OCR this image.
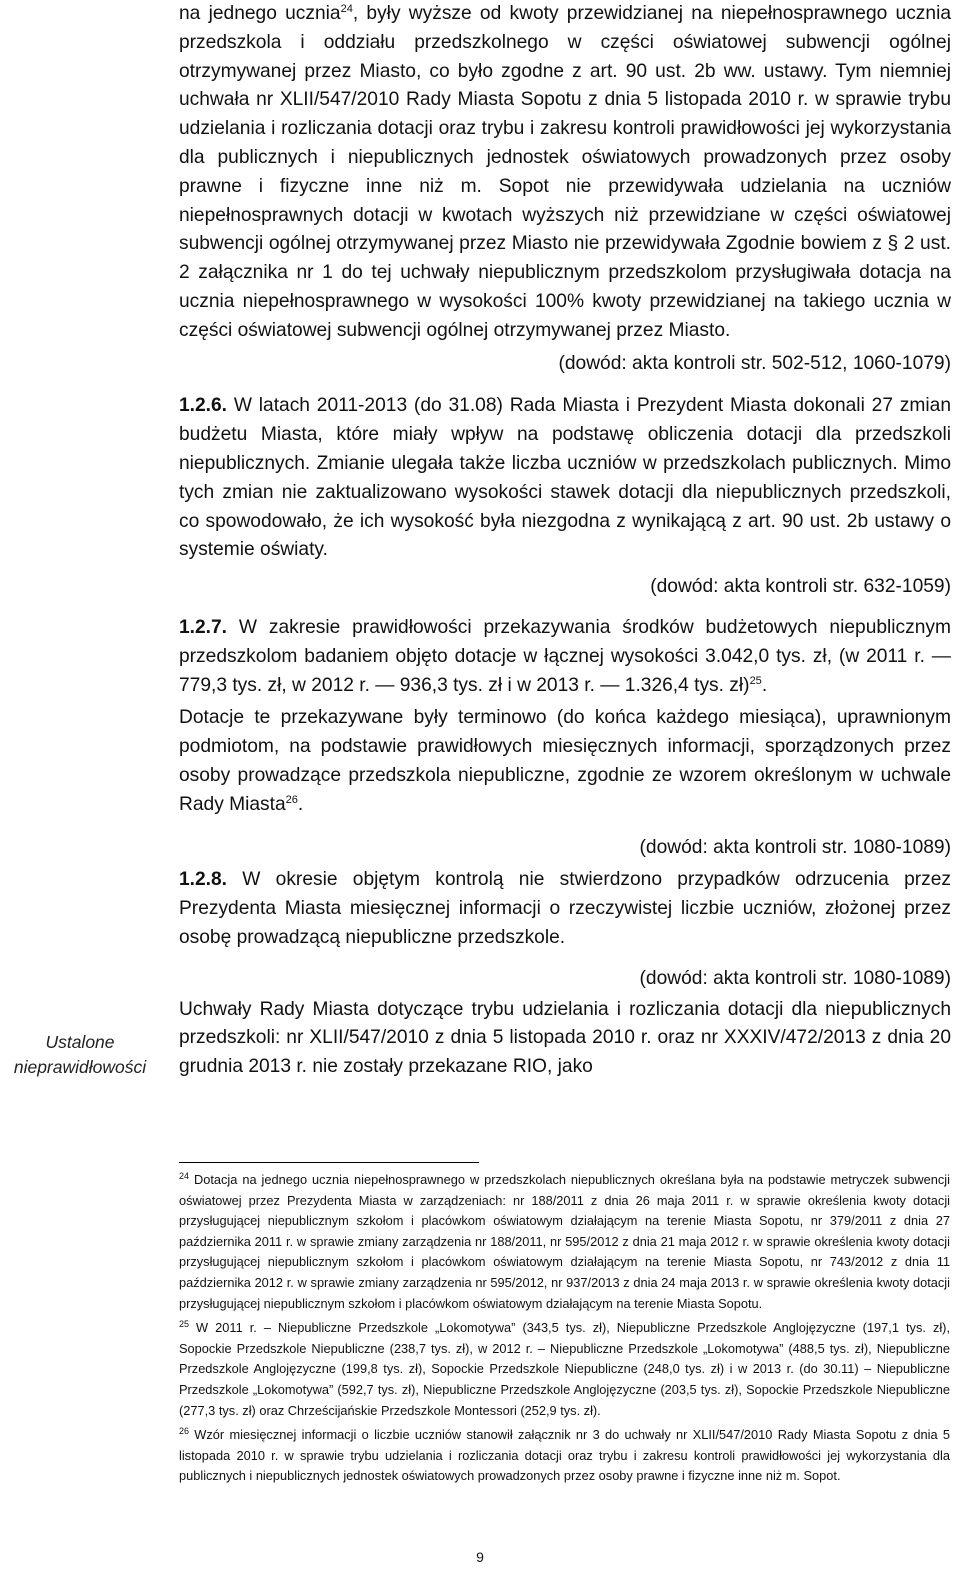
Ustalone nieprawidłowości

na jednego ucznia$^{24}$, były wyższe od kwoty przewidzianej na niepełnosprawnego ucznia przedszkola i oddziału przedszkolnego w części oświatowej subwencji ogólnej otrzymywanej przez Miasto, co było zgodne z art. 90 ust. 2b ww. ustawy. Tym niemniej uchwała nr XLII/547/2010 Rady Miasta Sopotu z dnia 5 listopada 2010 r. w sprawie trybu udzielania i rozliczania dotacji oraz trybu i zakresu kontroli prawidłowości jej wykorzystania dla publicznych i niepublicznych jednostek oświatowych prowadzonych przez osoby prawne i fizyczne inne niż m. Sopot nie przewidywała udzielania na uczniów niepełnosprawnych dotacji w kwotach wyższych niż przewidziane w części oświatowej subwencji ogólnej otrzymywanej przez Miasto nie przewidywała Zgodnie bowiem z § 2 ust. 2 załącznika nr 1 do tej uchwały niepublicznym przedszkolom przysługiwała dotacja na ucznia niepełnosprawnego w wysokości 100% kwoty przewidzianej na takiego ucznia w części oświatowej subwencji ogólnej otrzymywanej przez Miasto.

(dowód: akta kontroli str. 502-512, 1060-1079)

1.2.6. W latach 2011-2013 (do 31.08) Rada Miasta i Prezydent Miasta dokonali 27 zmian budżetu Miasta, które miały wpływ na podstawę obliczenia dotacji dla przedszkoli niepublicznych. Zmianie ulegała także liczba uczniów w przedszkolach publicznych. Mimo tych zmian nie zaktualizowano wysokości stawek dotacji dla niepublicznych przedszkoli, co spowodowało, że ich wysokość była niezgodna z wynikającą z art. 90 ust. 2b ustawy o systemie oświaty.

(dowód: akta kontroli str. 632-1059)

1.2.7. W zakresie prawidłowości przekazywania środków budżetowych niepublicznym przedszkolom badaniem objęto dotacje w łącznej wysokości 3.042,0 tys. zł, (w 2011 r. — 779,3 tys. zł, w 2012 r. — 936,3 tys. zł i w 2013 r. — 1.326,4 tys. zł)$^{25}$.

Dotacje te przekazywane były terminowo (do końca każdego miesiąca), uprawnionym podmiotom, na podstawie prawidłowych miesięcznych informacji, sporządzonych przez osoby prowadzące przedszkola niepubliczne, zgodnie ze wzorem określonym w uchwale Rady Miasta$^{26}$.

(dowód: akta kontroli str. 1080-1089)

1.2.8. W okresie objętym kontrolą nie stwierdzono przypadków odrzucenia przez Prezydenta Miasta miesięcznej informacji o rzeczywistej liczbie uczniów, złożonej przez osobę prowadzącą niepubliczne przedszkole.

(dowód: akta kontroli str. 1080-1089)

Uchwały Rady Miasta dotyczące trybu udzielania i rozliczania dotacji dla niepublicznych przedszkoli: nr XLII/547/2010 z dnia 5 listopada 2010 r. oraz nr XXXIV/472/2013 z dnia 20 grudnia 2013 r. nie zostały przekazane RIO, jako

$^{24}$ Dotacja na jednego ucznia niepełnosprawnego w przedszkolach niepublicznych określana była na podstawie metryczek subwencji oświatowej przez Prezydenta Miasta w zarządzeniach: nr 188/2011 z dnia 26 maja 2011 r. w sprawie określenia kwoty dotacji przysługującej niepublicznym szkołom i placówkom oświatowym działającym na terenie Miasta Sopotu, nr 379/2011 z dnia 27 października 2011 r. w sprawie zmiany zarządzenia nr 188/2011, nr 595/2012 z dnia 21 maja 2012 r. w sprawie określenia kwoty dotacji przysługującej niepublicznym szkołom i placówkom oświatowym działającym na terenie Miasta Sopotu, nr 743/2012 z dnia 11 października 2012 r. w sprawie zmiany zarządzenia nr 595/2012, nr 937/2013 z dnia 24 maja 2013 r. w sprawie określenia kwoty dotacji przysługującej niepublicznym szkołom i placówkom oświatowym działającym na terenie Miasta Sopotu.

$^{25}$ W 2011 r. – Niepubliczne Przedszkole „Lokomotywa” (343,5 tys. zł), Niepubliczne Przedszkole Anglojęzyczne (197,1 tys. zł), Sopockie Przedszkole Niepubliczne (238,7 tys. zł), w 2012 r. – Niepubliczne Przedszkole „Lokomotywa” (488,5 tys. zł), Niepubliczne Przedszkole Anglojęzyczne (199,8 tys. zł), Sopockie Przedszkole Niepubliczne (248,0 tys. zł) i w 2013 r. (do 30.11) – Niepubliczne Przedszkole „Lokomotywa” (592,7 tys. zł), Niepubliczne Przedszkole Anglojęzyczne (203,5 tys. zł), Sopockie Przedszkole Niepubliczne (277,3 tys. zł) oraz Chrześcijańskie Przedszkole Montessori (252,9 tys. zł).

$^{26}$ Wzór miesięcznej informacji o liczbie uczniów stanowił załącznik nr 3 do uchwały nr XLII/547/2010 Rady Miasta Sopotu z dnia 5 listopada 2010 r. w sprawie trybu udzielania i rozliczania dotacji oraz trybu i zakresu kontroli prawidłowości jej wykorzystania dla publicznych i niepublicznych jednostek oświatowych prowadzonych przez osoby prawne i fizyczne inne niż m. Sopot.

9
